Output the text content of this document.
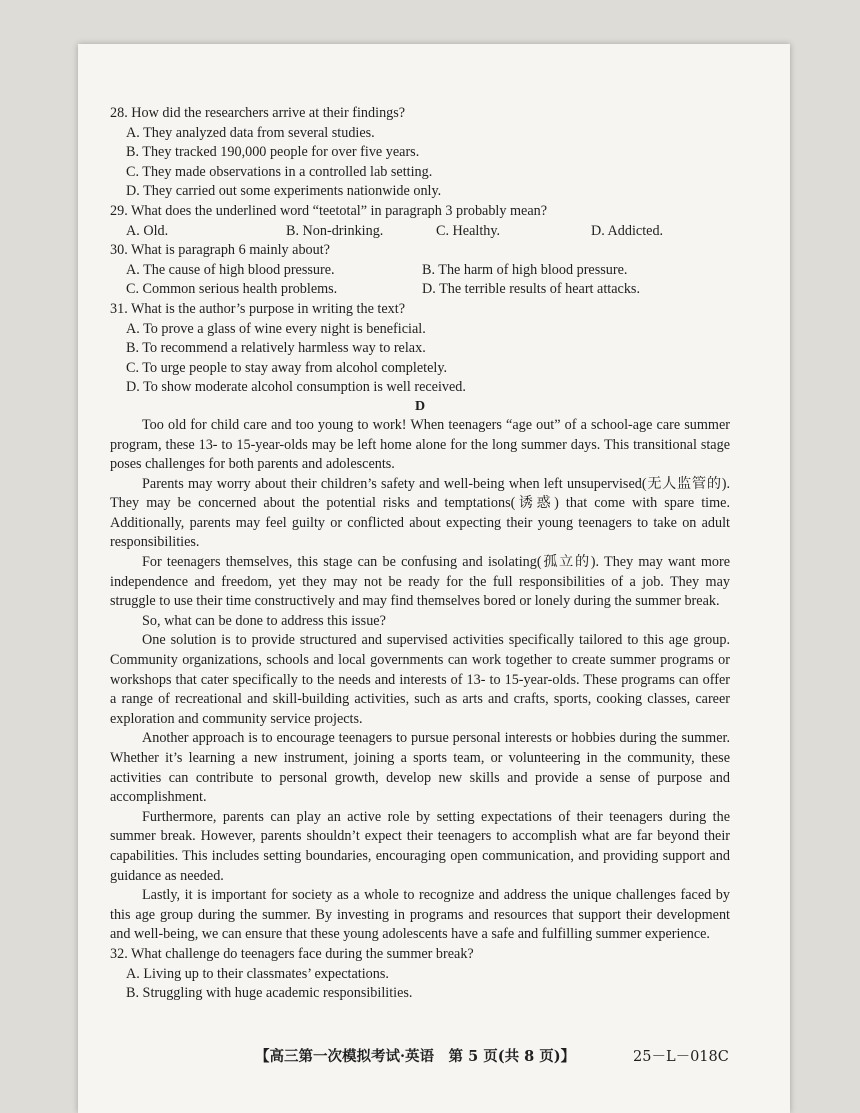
28. How did the researchers arrive at their findings?

A. They analyzed data from several studies.

B. They tracked 190,000 people for over five years.

C. They made observations in a controlled lab setting.

D. They carried out some experiments nationwide only.

29. What does the underlined word “teetotal” in paragraph 3 probably mean?

A. Old.	B. Non-drinking.	C. Healthy.	D. Addicted.

30. What is paragraph 6 mainly about?

A. The cause of high blood pressure.	B. The harm of high blood pressure.
C. Common serious health problems.	D. The terrible results of heart attacks.

31. What is the author’s purpose in writing the text?

A. To prove a glass of wine every night is beneficial.

B. To recommend a relatively harmless way to relax.

C. To urge people to stay away from alcohol completely.

D. To show moderate alcohol consumption is well received.

D

Too old for child care and too young to work! When teenagers “age out” of a school-age care summer program, these 13- to 15-year-olds may be left home alone for the long summer days. This transitional stage poses challenges for both parents and adolescents.

Parents may worry about their children’s safety and well-being when left unsupervised(无人监管的). They may be concerned about the potential risks and temptations(诱惑) that come with spare time. Additionally, parents may feel guilty or conflicted about expecting their young teenagers to take on adult responsibilities.

For teenagers themselves, this stage can be confusing and isolating(孤立的). They may want more independence and freedom, yet they may not be ready for the full responsibilities of a job. They may struggle to use their time constructively and may find themselves bored or lonely during the summer break.

So, what can be done to address this issue?

One solution is to provide structured and supervised activities specifically tailored to this age group. Community organizations, schools and local governments can work together to create summer programs or workshops that cater specifically to the needs and interests of 13- to 15-year-olds. These programs can offer a range of recreational and skill-building activities, such as arts and crafts, sports, cooking classes, career exploration and community service projects.

Another approach is to encourage teenagers to pursue personal interests or hobbies during the summer. Whether it’s learning a new instrument, joining a sports team, or volunteering in the community, these activities can contribute to personal growth, develop new skills and provide a sense of purpose and accomplishment.

Furthermore, parents can play an active role by setting expectations of their teenagers during the summer break. However, parents shouldn’t expect their teenagers to accomplish what are far beyond their capabilities. This includes setting boundaries, encouraging open communication, and providing support and guidance as needed.

Lastly, it is important for society as a whole to recognize and address the unique challenges faced by this age group during the summer. By investing in programs and resources that support their development and well-being, we can ensure that these young adolescents have a safe and fulfilling summer experience.

32. What challenge do teenagers face during the summer break?

A. Living up to their classmates’ expectations.

B. Struggling with huge academic responsibilities.

【高三第一次模拟考试·英语　第 5 页(共 8 页)】	25－L－018C
